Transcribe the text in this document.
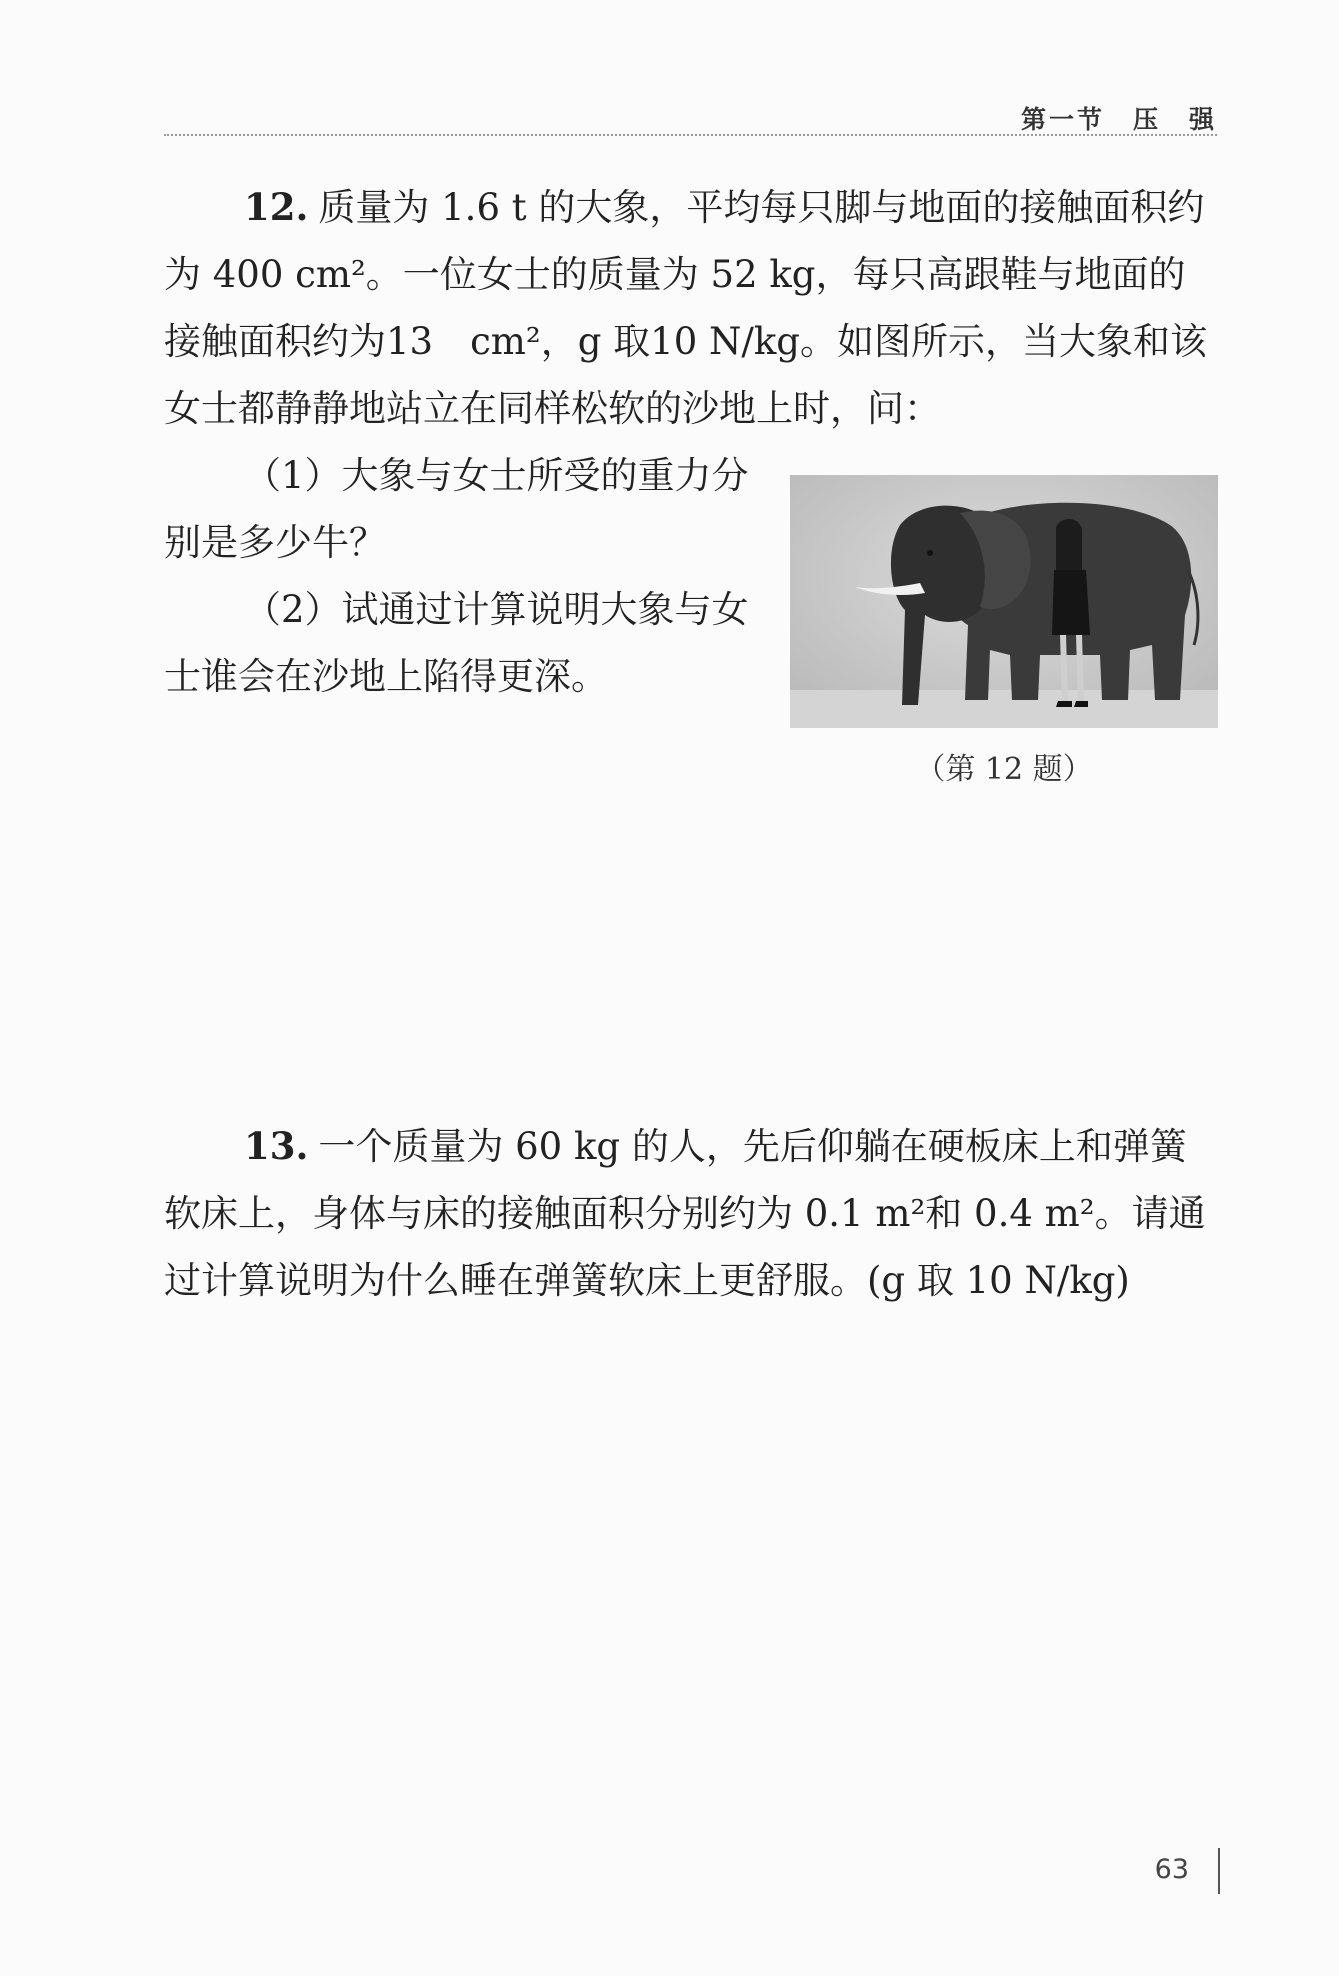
第一节　压　强

12. 质量为 1.6 t 的大象，平均每只脚与地面的接触面积约为 400 cm²。一位女士的质量为 52 kg，每只高跟鞋与地面的接触面积约为13　cm²，g 取10 N/kg。如图所示，当大象和该女士都静静地站立在同样松软的沙地上时，问：

（1）大象与女士所受的重力分别是多少牛？

（2）试通过计算说明大象与女士谁会在沙地上陷得更深。

（第 12 题）

13. 一个质量为 60 kg 的人，先后仰躺在硬板床上和弹簧软床上，身体与床的接触面积分别约为 0.1 m²和 0.4 m²。请通过计算说明为什么睡在弹簧软床上更舒服。(g 取 10 N/kg)

63
